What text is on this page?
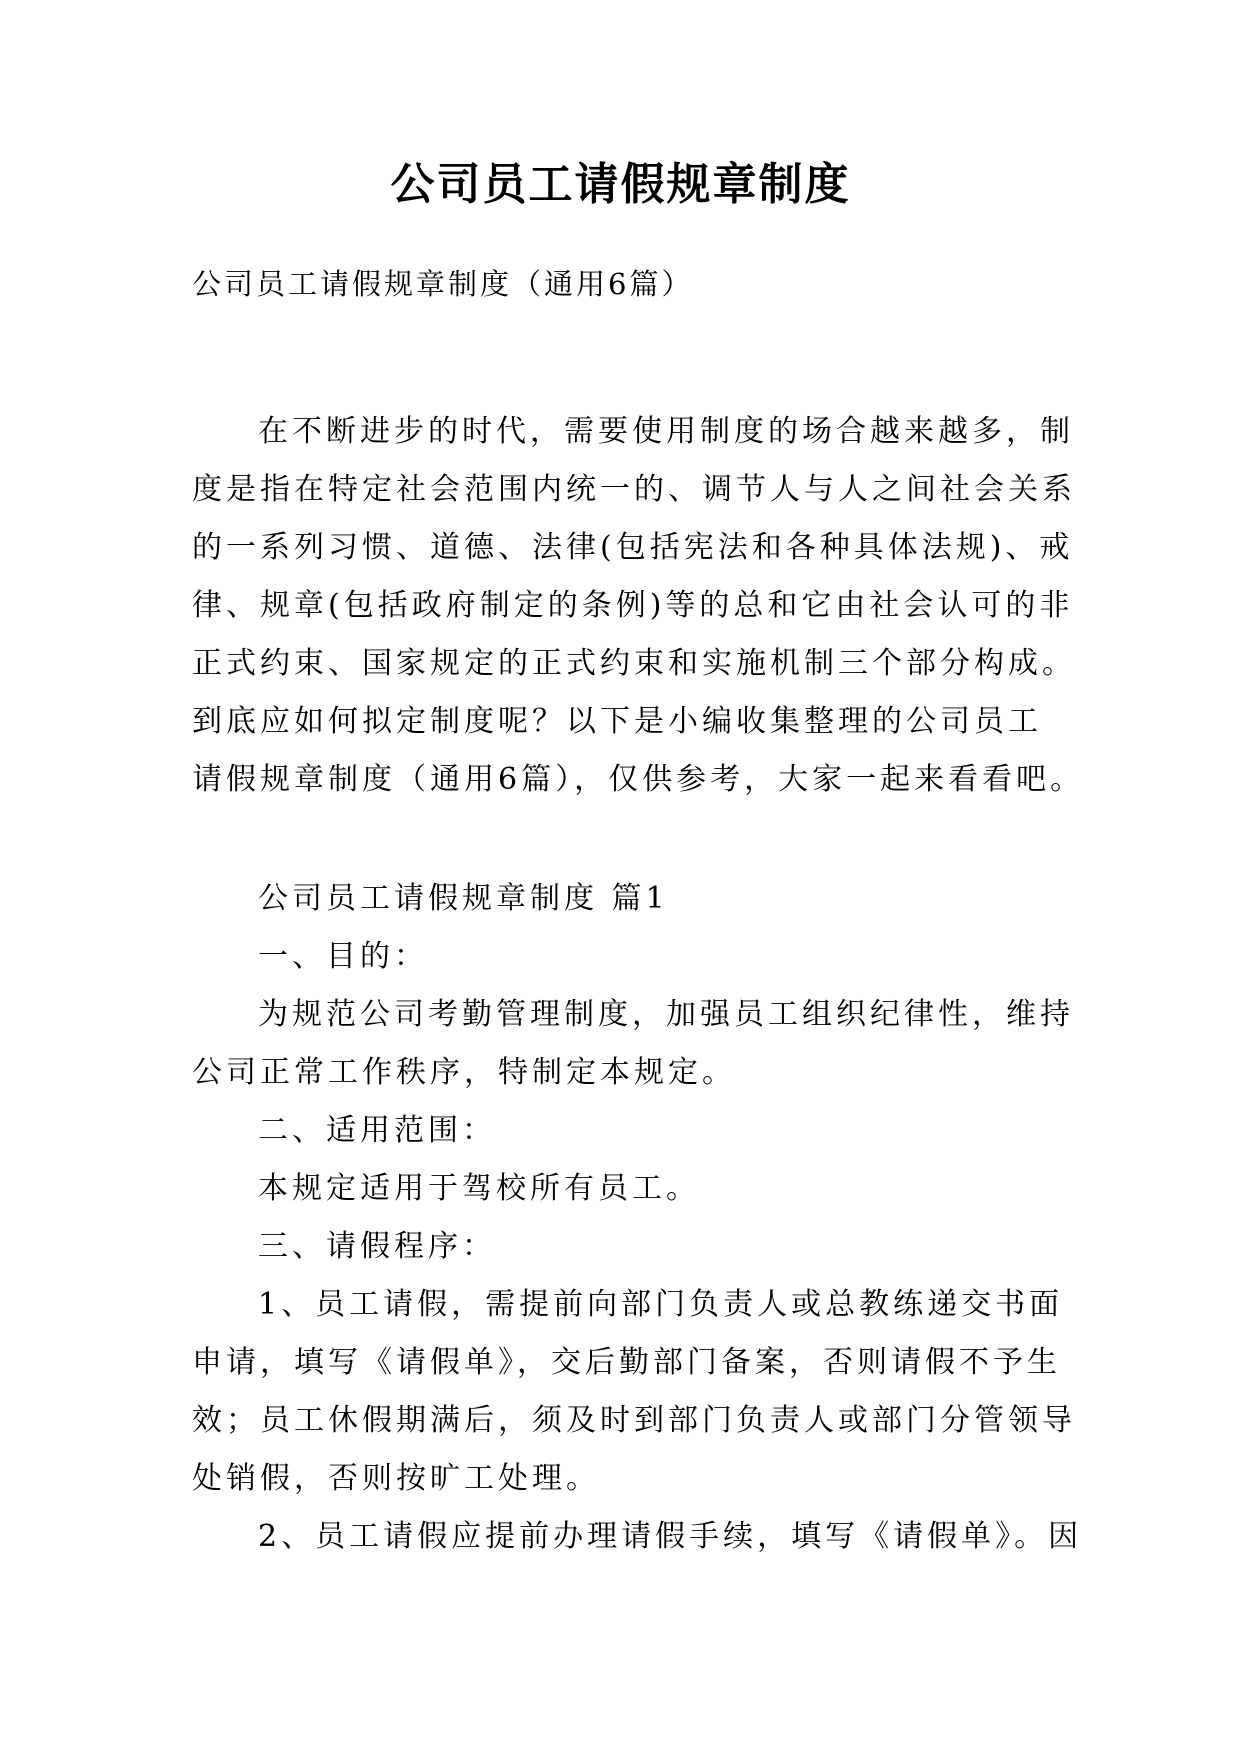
公司员工请假规章制度

公司员工请假规章制度（通用6篇）

在不断进步的时代，需要使用制度的场合越来越多，制
度是指在特定社会范围内统一的、调节人与人之间社会关系
的一系列习惯、道德、法律(包括宪法和各种具体法规)、戒
律、规章(包括政府制定的条例)等的总和它由社会认可的非
正式约束、国家规定的正式约束和实施机制三个部分构成。
到底应如何拟定制度呢？以下是小编收集整理的公司员工
请假规章制度（通用6篇），仅供参考，大家一起来看看吧。
公司员工请假规章制度 篇1
一、目的：
为规范公司考勤管理制度，加强员工组织纪律性，维持
公司正常工作秩序，特制定本规定。
二、适用范围：
本规定适用于驾校所有员工。
三、请假程序：
1、员工请假，需提前向部门负责人或总教练递交书面
申请，填写《请假单》，交后勤部门备案，否则请假不予生
效；员工休假期满后，须及时到部门负责人或部门分管领导
处销假，否则按旷工处理。
2、员工请假应提前办理请假手续，填写《请假单》。因
